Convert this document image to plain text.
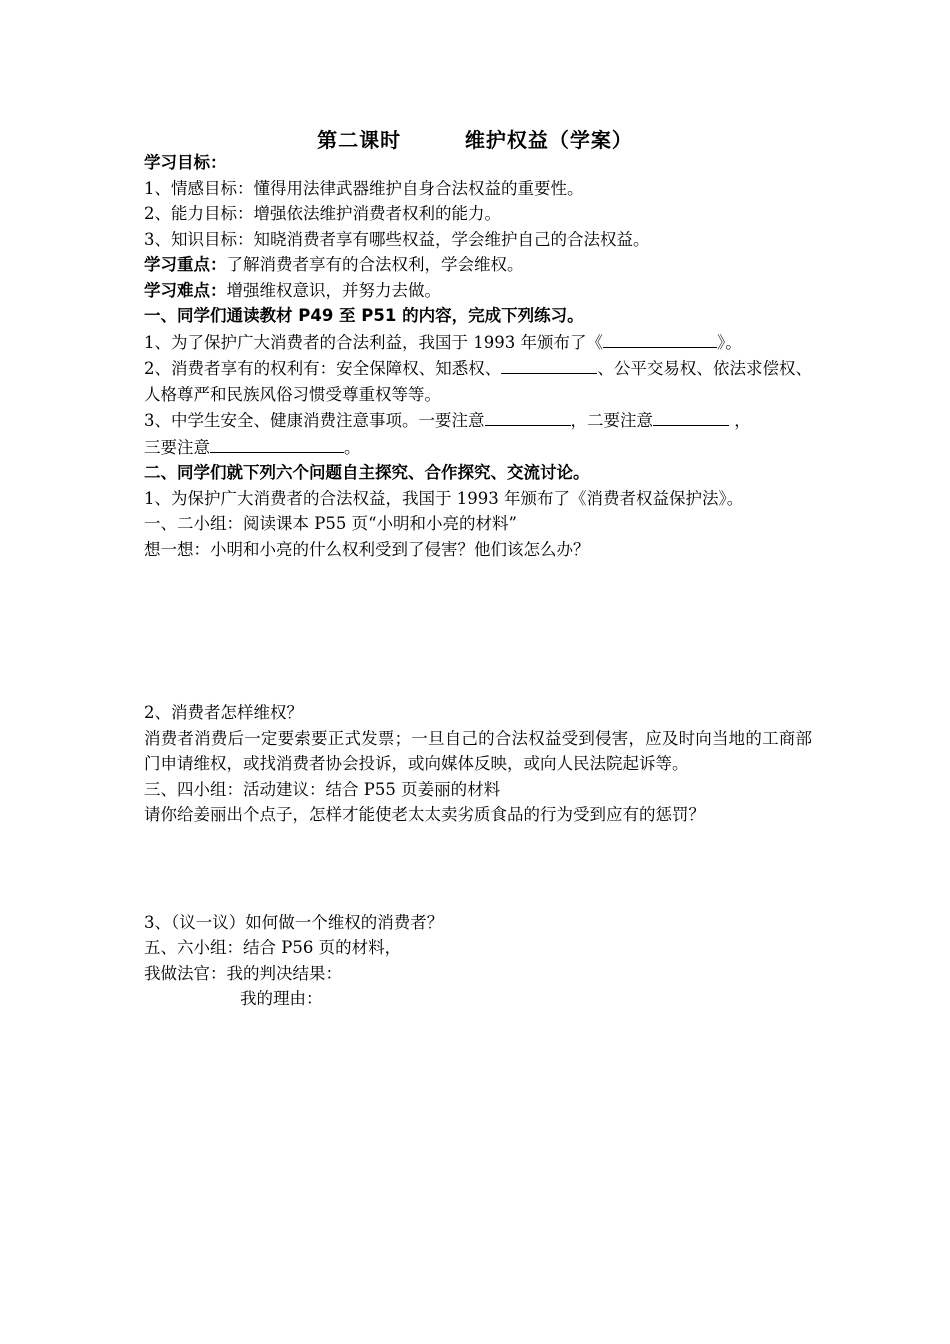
第二课时        维护权益（学案）

学习目标：

1、情感目标：懂得用法律武器维护自身合法权益的重要性。

2、能力目标：增强依法维护消费者权利的能力。

3、知识目标：知晓消费者享有哪些权益，学会维护自己的合法权益。

学习重点：了解消费者享有的合法权利，学会维权。

学习难点：增强维权意识，并努力去做。

一、同学们通读教材 P49 至 P51 的内容，完成下列练习。

1、为了保护广大消费者的合法利益，我国于 1993 年颁布了《	》。

2、消费者享有的权利有：安全保障权、知悉权、	、公平交易权、依法求偿权、人格尊严和民族风俗习惯受尊重权等等。

3、中学生安全、健康消费注意事项。一要注意	，二要注意	，

三要注意	。

二、同学们就下列六个问题自主探究、合作探究、交流讨论。

1、为保护广大消费者的合法权益，我国于 1993 年颁布了《消费者权益保护法》。

一、二小组：阅读课本 P55 页“小明和小亮的材料”

想一想：小明和小亮的什么权利受到了侵害？他们该怎么办？

2、消费者怎样维权？

消费者消费后一定要索要正式发票；一旦自己的合法权益受到侵害，应及时向当地的工商部门申请维权，或找消费者协会投诉，或向媒体反映，或向人民法院起诉等。

三、四小组：活动建议：结合 P55 页姜丽的材料

请你给姜丽出个点子，怎样才能使老太太卖劣质食品的行为受到应有的惩罚？

3、（议一议）如何做一个维权的消费者？

五、六小组：结合 P56 页的材料，

我做法官：我的判决结果：

我的理由：
